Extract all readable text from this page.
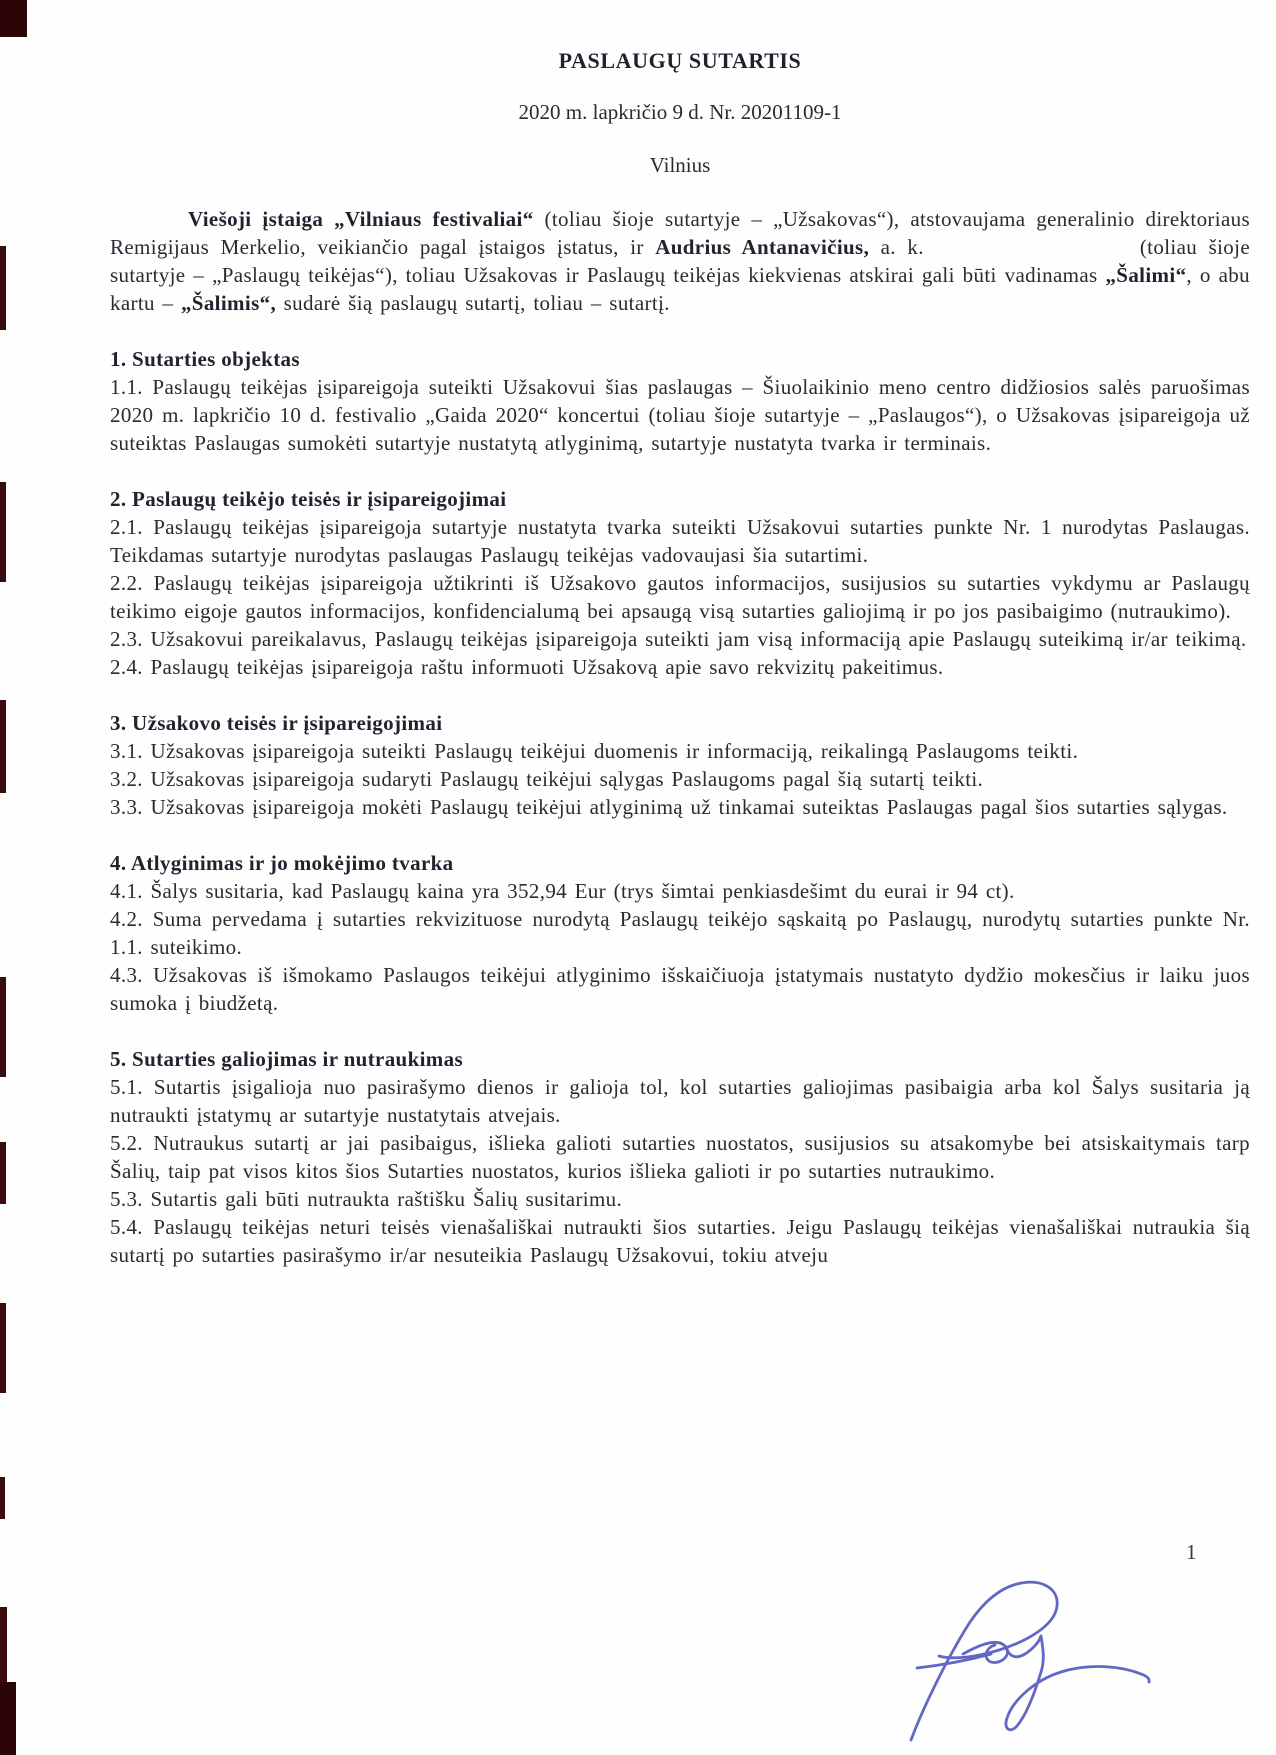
PASLAUGŲ SUTARTIS

2020 m. lapkričio 9 d. Nr. 20201109-1

Vilnius

Viešoji įstaiga „Vilniaus festivaliai“ (toliau šioje sutartyje – „Užsakovas“), atstovaujama generalinio direktoriaus Remigijaus Merkelio, veikiančio pagal įstaigos įstatus, ir Audrius Antanavičius, a. k.	(toliau šioje sutartyje – „Paslaugų teikėjas“), toliau Užsakovas ir Paslaugų teikėjas kiekvienas atskirai gali būti vadinamas „Šalimi“, o abu kartu – „Šalimis“, sudarė šią paslaugų sutartį, toliau – sutartį.

1. Sutarties objektas

1.1. Paslaugų teikėjas įsipareigoja suteikti Užsakovui šias paslaugas – Šiuolaikinio meno centro didžiosios salės paruošimas 2020 m. lapkričio 10 d. festivalio „Gaida 2020“ koncertui (toliau šioje sutartyje – „Paslaugos“), o Užsakovas įsipareigoja už suteiktas Paslaugas sumokėti sutartyje nustatytą atlyginimą, sutartyje nustatyta tvarka ir terminais.

2. Paslaugų teikėjo teisės ir įsipareigojimai

2.1. Paslaugų teikėjas įsipareigoja sutartyje nustatyta tvarka suteikti Užsakovui sutarties punkte Nr. 1 nurodytas Paslaugas. Teikdamas sutartyje nurodytas paslaugas Paslaugų teikėjas vadovaujasi šia sutartimi.

2.2. Paslaugų teikėjas įsipareigoja užtikrinti iš Užsakovo gautos informacijos, susijusios su sutarties vykdymu ar Paslaugų teikimo eigoje gautos informacijos, konfidencialumą bei apsaugą visą sutarties galiojimą ir po jos pasibaigimo (nutraukimo).

2.3. Užsakovui pareikalavus, Paslaugų teikėjas įsipareigoja suteikti jam visą informaciją apie Paslaugų suteikimą ir/ar teikimą.

2.4. Paslaugų teikėjas įsipareigoja raštu informuoti Užsakovą apie savo rekvizitų pakeitimus.

3. Užsakovo teisės ir įsipareigojimai

3.1. Užsakovas įsipareigoja suteikti Paslaugų teikėjui duomenis ir informaciją, reikalingą Paslaugoms teikti.

3.2. Užsakovas įsipareigoja sudaryti Paslaugų teikėjui sąlygas Paslaugoms pagal šią sutartį teikti.

3.3. Užsakovas įsipareigoja mokėti Paslaugų teikėjui atlyginimą už tinkamai suteiktas Paslaugas pagal šios sutarties sąlygas.

4. Atlyginimas ir jo mokėjimo tvarka

4.1. Šalys susitaria, kad Paslaugų kaina yra 352,94 Eur (trys šimtai penkiasdešimt du eurai ir 94 ct).

4.2. Suma pervedama į sutarties rekvizituose nurodytą Paslaugų teikėjo sąskaitą po Paslaugų, nurodytų sutarties punkte Nr. 1.1. suteikimo.

4.3. Užsakovas iš išmokamo Paslaugos teikėjui atlyginimo išskaičiuoja įstatymais nustatyto dydžio mokesčius ir laiku juos sumoka į biudžetą.

5. Sutarties galiojimas ir nutraukimas

5.1. Sutartis įsigalioja nuo pasirašymo dienos ir galioja tol, kol sutarties galiojimas pasibaigia arba kol Šalys susitaria ją nutraukti įstatymų ar sutartyje nustatytais atvejais.

5.2. Nutraukus sutartį ar jai pasibaigus, išlieka galioti sutarties nuostatos, susijusios su atsakomybe bei atsiskaitymais tarp Šalių, taip pat visos kitos šios Sutarties nuostatos, kurios išlieka galioti ir po sutarties nutraukimo.

5.3. Sutartis gali būti nutraukta raštišku Šalių susitarimu.

5.4. Paslaugų teikėjas neturi teisės vienašališkai nutraukti šios sutarties. Jeigu Paslaugų teikėjas vienašališkai nutraukia šią sutartį po sutarties pasirašymo ir/ar nesuteikia Paslaugų Užsakovui, tokiu atveju

1
